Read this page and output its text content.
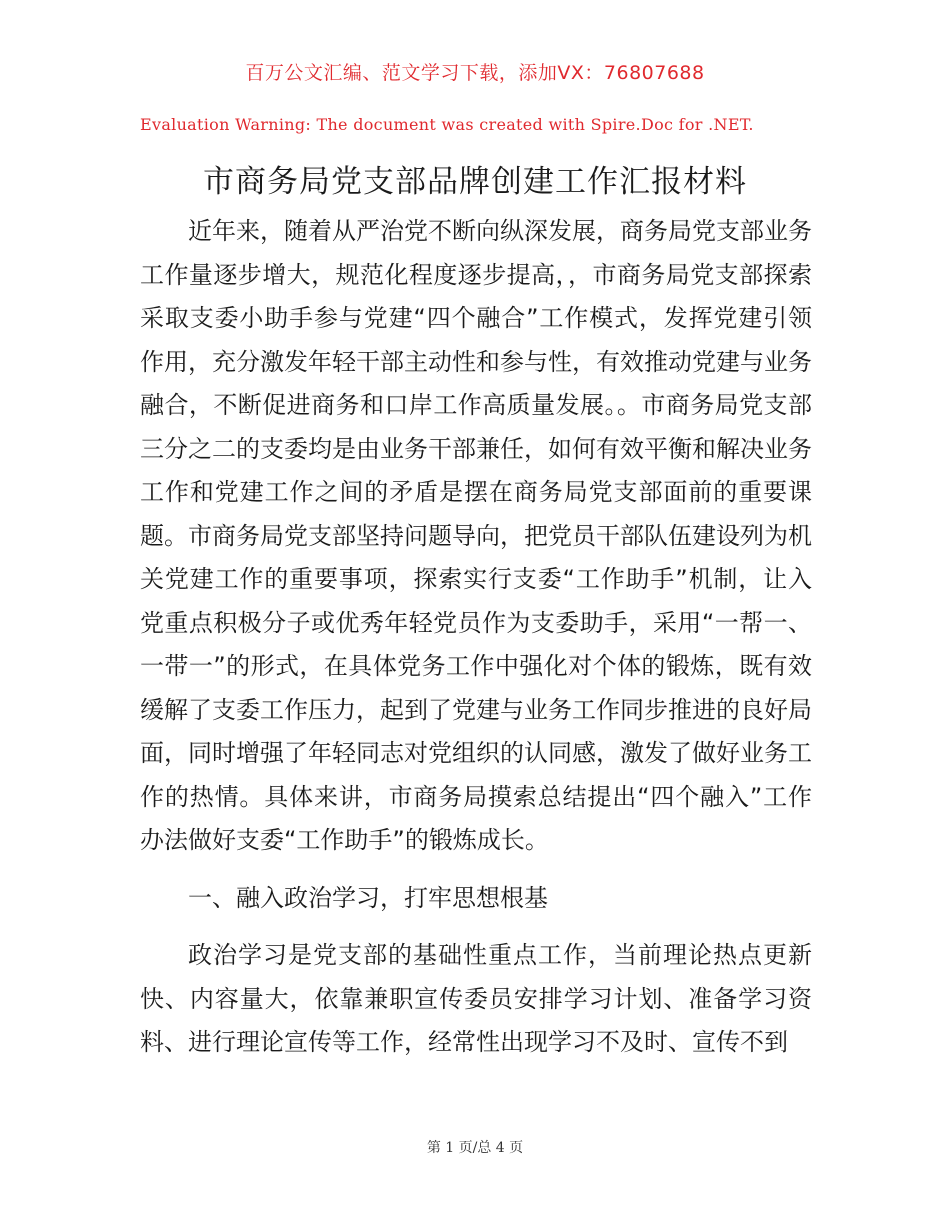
百万公文汇编、范文学习下载，添加VX：76807688
Evaluation Warning: The document was created with Spire.Doc for .NET.
市商务局党支部品牌创建工作汇报材料

近年来，随着从严治党不断向纵深发展，商务局党支部业务工作量逐步增大，规范化程度逐步提高，，市商务局党支部探索采取支委小助手参与党建“四个融合”工作模式，发挥党建引领作用，充分激发年轻干部主动性和参与性，有效推动党建与业务融合，不断促进商务和口岸工作高质量发展。。市商务局党支部三分之二的支委均是由业务干部兼任，如何有效平衡和解决业务工作和党建工作之间的矛盾是摆在商务局党支部面前的重要课题。市商务局党支部坚持问题导向，把党员干部队伍建设列为机关党建工作的重要事项，探索实行支委“工作助手”机制，让入党重点积极分子或优秀年轻党员作为支委助手，采用“一帮一、一带一”的形式，在具体党务工作中强化对个体的锻炼，既有效缓解了支委工作压力，起到了党建与业务工作同步推进的良好局面，同时增强了年轻同志对党组织的认同感，激发了做好业务工作的热情。具体来讲，市商务局摸索总结提出“四个融入”工作办法做好支委“工作助手”的锻炼成长。

一、融入政治学习，打牢思想根基

政治学习是党支部的基础性重点工作，当前理论热点更新快、内容量大，依靠兼职宣传委员安排学习计划、准备学习资料、进行理论宣传等工作，经常性出现学习不及时、宣传不到

第 1 页/总 4 页
